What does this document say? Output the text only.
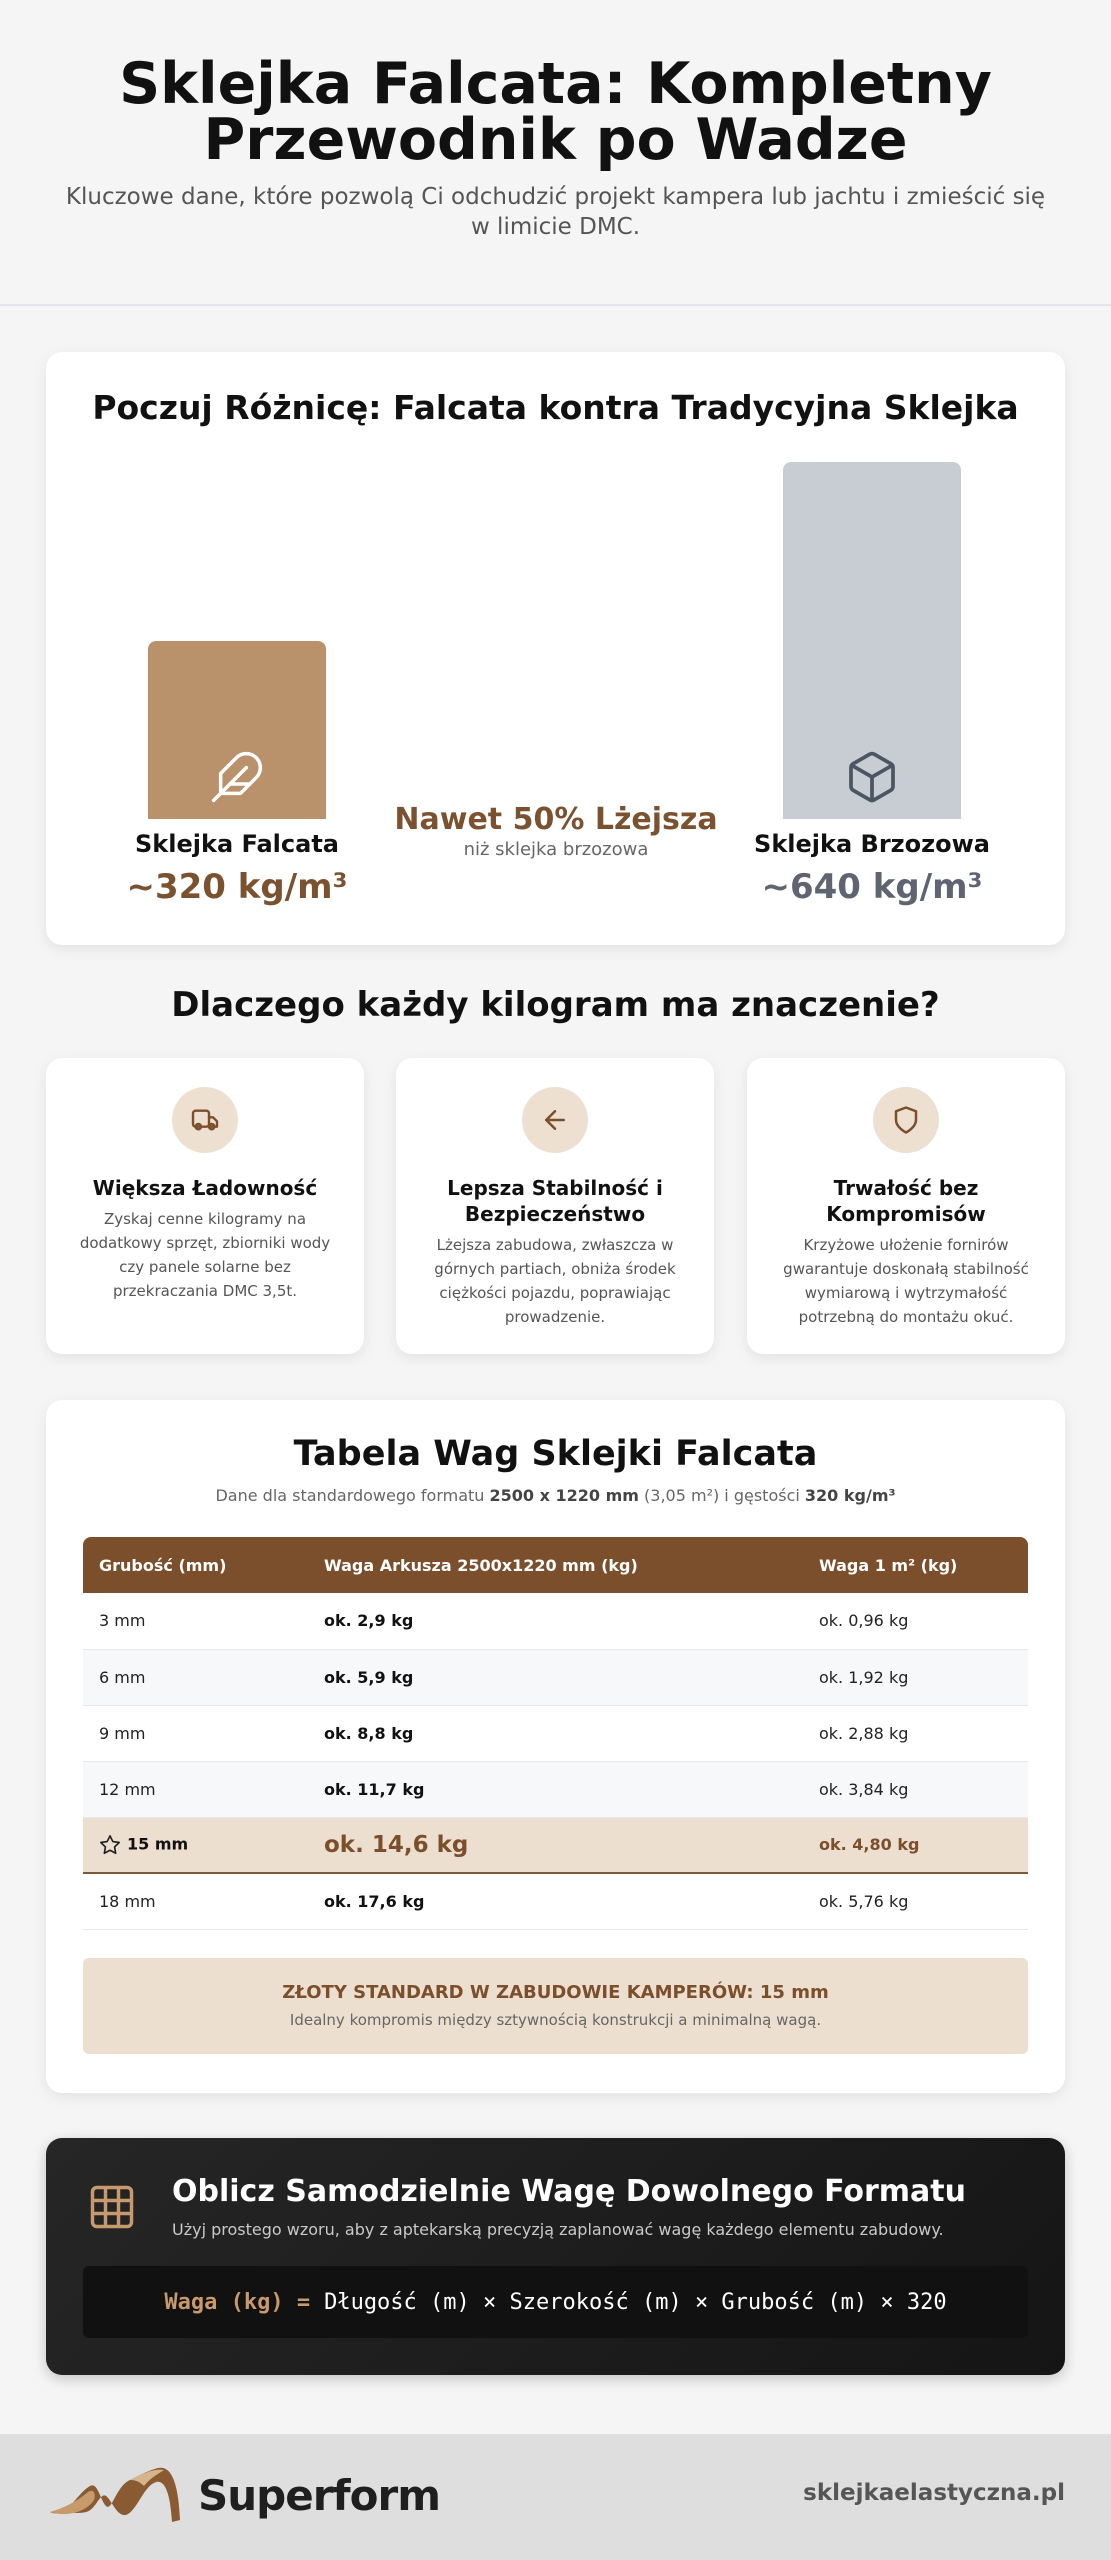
Sklejka Falcata: Kompletny Przewodnik po Wadze

Kluczowe dane, które pozwolą Ci odchudzić projekt kampera lub jachtu i zmieścić się w limicie DMC.

Poczuj Różnicę: Falcata kontra Tradycyjna Sklejka
Sklejka Falcata
~320 kg/m³
Nawet 50% Lżejsza
niż sklejka brzozowa	Sklejka Brzozowa
~640 kg/m³
Dlaczego każdy kilogram ma znaczenie?
Większa Ładowność

Zyskaj cenne kilogramy na dodatkowy sprzęt, zbiorniki wody czy panele solarne bez przekraczania DMC 3,5t.

Lepsza Stabilność i Bezpieczeństwo

Lżejsza zabudowa, zwłaszcza w górnych partiach, obniża środek ciężkości pojazdu, poprawiając prowadzenie.

Trwałość bez Kompromisów

Krzyżowe ułożenie fornirów gwarantuje doskonałą stabilność wymiarową i wytrzymałość potrzebną do montażu okuć.

Tabela Wag Sklejki Falcata
Dane dla standardowego formatu 2500 x 1220 mm (3,05 m²) i gęstości 320 kg/m³
Grubość (mm)	Waga Arkusza 2500x1220 mm (kg)	Waga 1 m² (kg)
3 mm	ok. 2,9 kg	ok. 0,96 kg
6 mm	ok. 5,9 kg	ok. 1,92 kg
9 mm	ok. 8,8 kg	ok. 2,88 kg
12 mm	ok. 11,7 kg	ok. 3,84 kg
15 mm	ok. 14,6 kg	ok. 4,80 kg
18 mm	ok. 17,6 kg	ok. 5,76 kg
ZŁOTY STANDARD W ZABUDOWIE KAMPERÓW: 15 mm
Idealny kompromis między sztywnością konstrukcji a minimalną wagą.
Oblicz Samodzielnie Wagę Dowolnego Formatu
Użyj prostego wzoru, aby z aptekarską precyzją zaplanować wagę każdego elementu zabudowy.
Waga (kg) = Długość (m) × Szerokość (m) × Grubość (m) × 320
Superform	sklejkaelastyczna.pl
